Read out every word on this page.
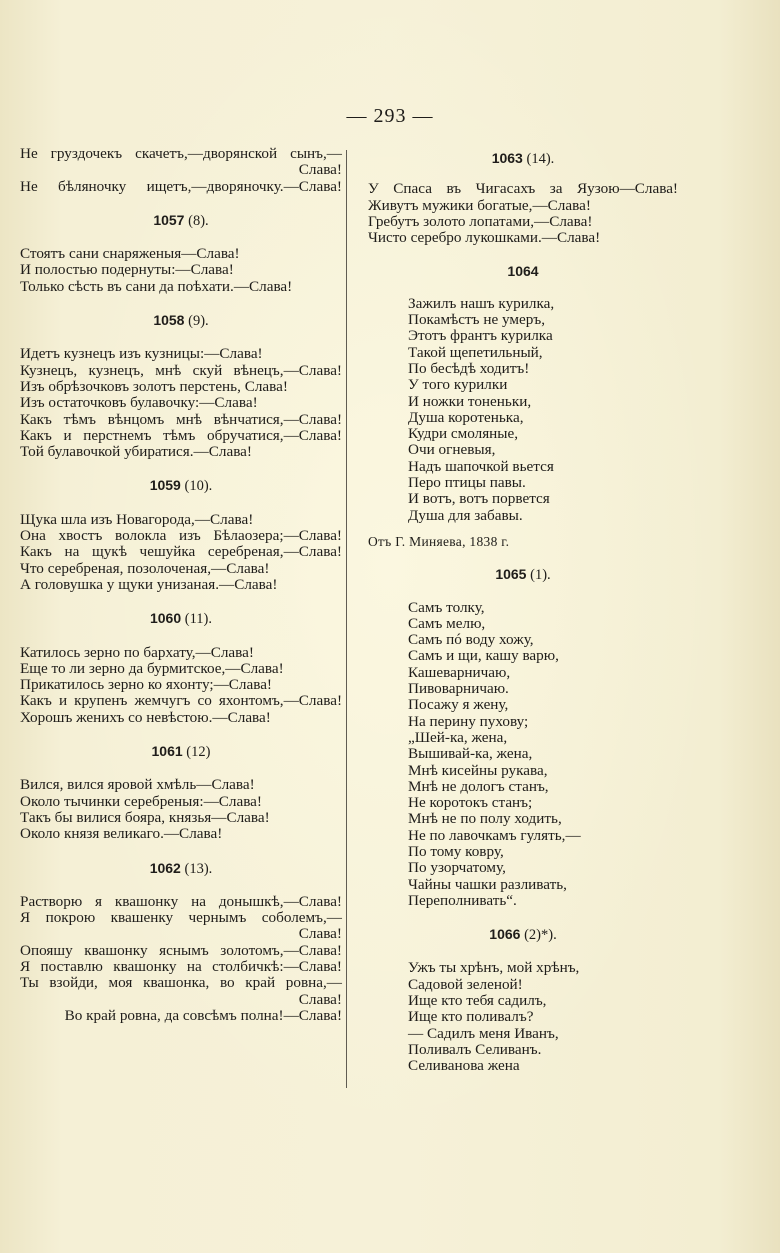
— 293 —
Не груздочекъ скачетъ,—дворянской сынъ,—
Слава!
Не бѣляночку ищетъ,—дворяночку.—Слава!
1057 (8).
Стоятъ сани снаряженыя—Слава!
И полостью подернуты:—Слава!
Только сѣсть въ сани да поѣхати.—Слава!
1058 (9).
Идетъ кузнецъ изъ кузницы:—Слава!
Кузнецъ, кузнецъ, мнѣ скуй вѣнецъ,—Слава!
Изъ обрѣзочковъ золотъ перстень, Слава!
Изъ остаточковъ булавочку:—Слава!
Какъ тѣмъ вѣнцомъ мнѣ вѣнчатися,—Слава!
Какъ и перстнемъ тѣмъ обручатися,—Слава!
Той булавочкой убиратися.—Слава!
1059 (10).
Щука шла изъ Новагорода,—Слава!
Она хвостъ волокла изъ Бѣлаозера;—Слава!
Какъ на щукѣ чешуйка серебреная,—Слава!
Что серебреная, позолоченая,—Слава!
А головушка у щуки унизаная.—Слава!
1060 (11).
Катилось зерно по бархату,—Слава!
Еще то ли зерно да бурмитское,—Слава!
Прикатилось зерно ко яхонту;—Слава!
Какъ и крупенъ жемчугъ со яхонтомъ,—Слава!
Хорошъ женихъ со невѣстою.—Слава!
1061 (12)
Вился, вился яровой хмѣль—Слава!
Около тычинки серебреныя:—Слава!
Такъ бы вилися бояра, князья—Слава!
Около князя великаго.—Слава!
1062 (13).
Растворю я квашонку на донышкѣ,—Слава!
Я покрою квашенку чернымъ соболемъ,—
Слава!
Опояшу квашонку яснымъ золотомъ,—Слава!
Я поставлю квашонку на столбичкѣ:—Слава!
Ты взойди, моя квашонка, во край ровна,—
Слава!
Во край ровна, да совсѣмъ полна!—Слава!
1063 (14).
У Спаса въ Чигасахъ за Яузою—Слава!
Живутъ мужики богатые,—Слава!
Гребутъ золото лопатами,—Слава!
Чисто серебро лукошками.—Слава!
1064
Зажилъ нашъ курилка,
Покамѣстъ не умеръ,
Этотъ франтъ курилка
Такой щепетильный,
По бесѣдѣ ходитъ!
У того курилки
И ножки тоненьки,
Душа коротенька,
Кудри смоляные,
Очи огневыя,
Надъ шапочкой вьется
Перо птицы павы.
И вотъ, вотъ порвется
Душа для забавы.
Отъ Г. Миняева, 1838 г.
1065 (1).
Самъ толку,
Самъ мелю,
Самъ пó воду хожу,
Самъ и щи, кашу варю,
Кашеварничаю,
Пивоварничаю.
Посажу я жену,
На перину пухову;
„Шей-ка, жена,
Вышивай-ка, жена,
Мнѣ кисейны рукава,
Мнѣ не дологъ станъ,
Не коротокъ станъ;
Мнѣ не по полу ходить,
Не по лавочкамъ гулять,—
По тому ковру,
По узорчатому,
Чайны чашки разливать,
Переполнивать“.
1066 (2)*).
Ужъ ты хрѣнъ, мой хрѣнъ,
Садовой зеленой!
Ище кто тебя садилъ,
Ище кто поливалъ?
— Садилъ меня Иванъ,
Поливалъ Селиванъ.
Селиванова жена
